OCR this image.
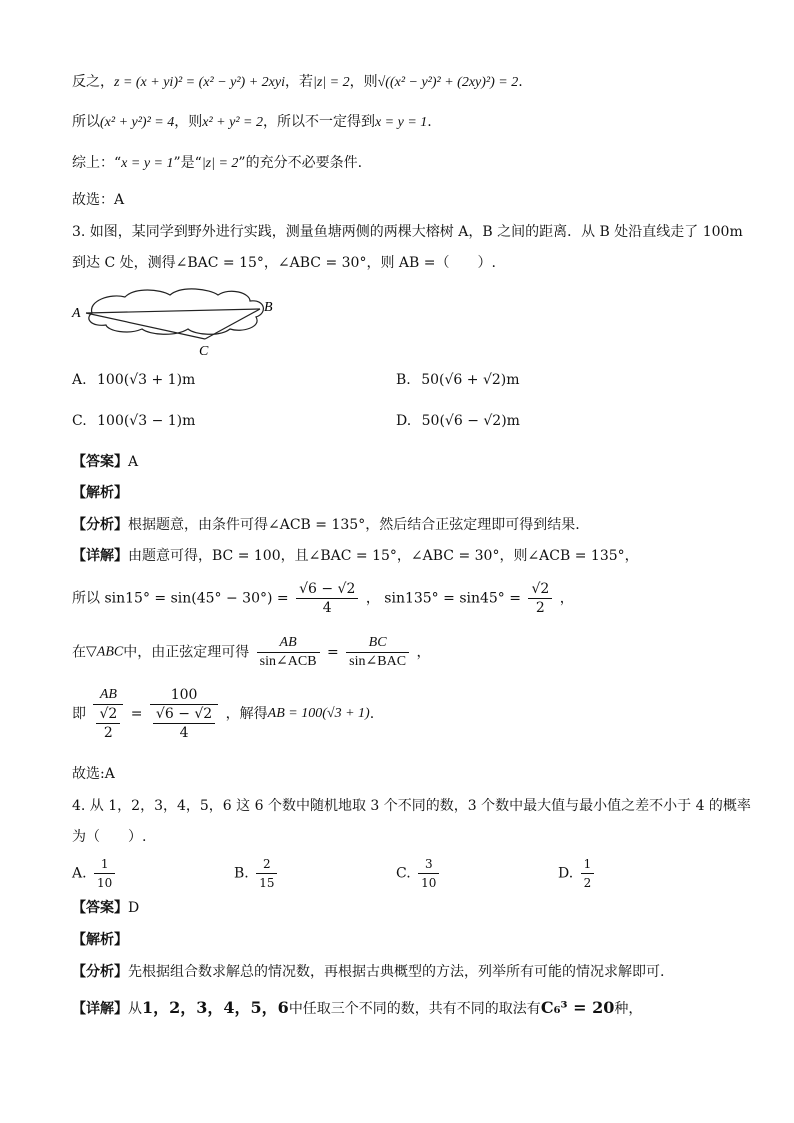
反之，z = (x + yi)² = (x² − y²) + 2xyi，若|z| = 2，则√((x² − y²)² + (2xy)²) = 2.
所以(x² + y²)² = 4，则x² + y² = 2，所以不一定得到x = y = 1.
综上：“x = y = 1”是“|z| = 2”的充分不必要条件.
故选：A
3. 如图，某同学到野外进行实践，测量鱼塘两侧的两棵大榕树 A，B 之间的距离．从 B 处沿直线走了 100m
到达 C 处，测得∠BAC = 15°，∠ABC = 30°，则 AB =（　　）.
A	B
C
A. 100(√3 + 1)m	B. 50(√6 + √2)m
C. 100(√3 − 1)m	D. 50(√6 − √2)m
【答案】A
【解析】
【分析】根据题意，由条件可得∠ACB = 135°，然后结合正弦定理即可得到结果.
【详解】由题意可得，BC = 100，且∠BAC = 15°，∠ABC = 30°，则∠ACB = 135°，
所以 $\sin 15^\circ = \sin(45^\circ - 30^\circ) = \frac{√6 - √2}{4}$ ， $\sin 135^\circ = \sin 45^\circ = \frac{√2}{2}$ ，
在▽ABC中，由正弦定理可得 $\frac{AB}{\text{sin∠ACB}} = \frac{BC}{\text{sin∠BAC}}$ ，
即 $\frac{AB}{\frac{√2}{2}} = \frac{100}{\frac{√6 - √2}{4}}$ ，解得AB = 100(√3 + 1).
故选:A
4. 从 1，2，3，4，5，6 这 6 个数中随机地取 3 个不同的数，3 个数中最大值与最小值之差不小于 4 的概率
为（　　）.
A. $\frac{1}{10}$	B. $\frac{2}{15}$	C. $\frac{3}{10}$	D. $\frac{1}{2}$
【答案】D
【解析】
【分析】先根据组合数求解总的情况数，再根据古典概型的方法，列举所有可能的情况求解即可.
【详解】从1，2，3，4，5，6中任取三个不同的数，共有不同的取法有C₆³ = 20种，
